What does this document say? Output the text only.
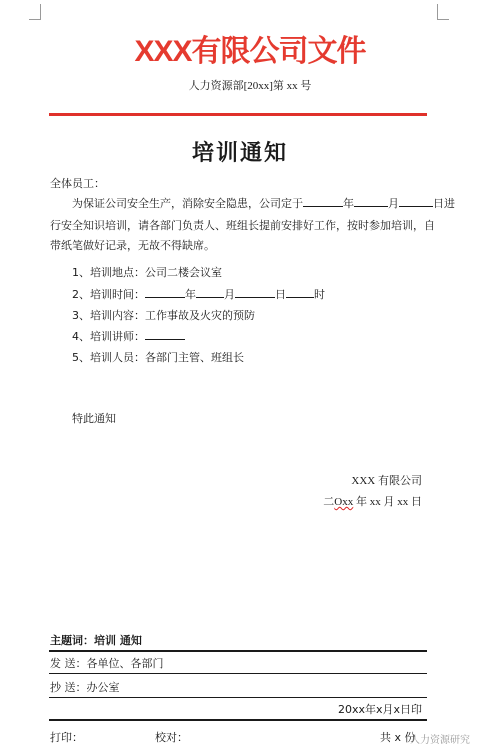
XXX有限公司文件
人力资源部[20xx]第 xx 号
培训通知
全体员工：
为保证公司安全生产，消除安全隐患，公司定于	年	月	日进
行安全知识培训，请各部门负责人、班组长提前安排好工作，按时参加培训，自
带纸笔做好记录，无故不得缺席。
1、培训地点：公司二楼会议室
2、培训时间：	年	月	日	时
3、培训内容：工作事故及火灾的预防
4、培训讲师：
5、培训人员：各部门主管、班组长
特此通知
XXX 有限公司
二Oxx 年 xx 月 xx 日
主题词：培训 通知
发 送：各单位、各部门
抄 送：办公室
20xx年x月x日印
打印：	校对：	共 x 份
人力资源研究
